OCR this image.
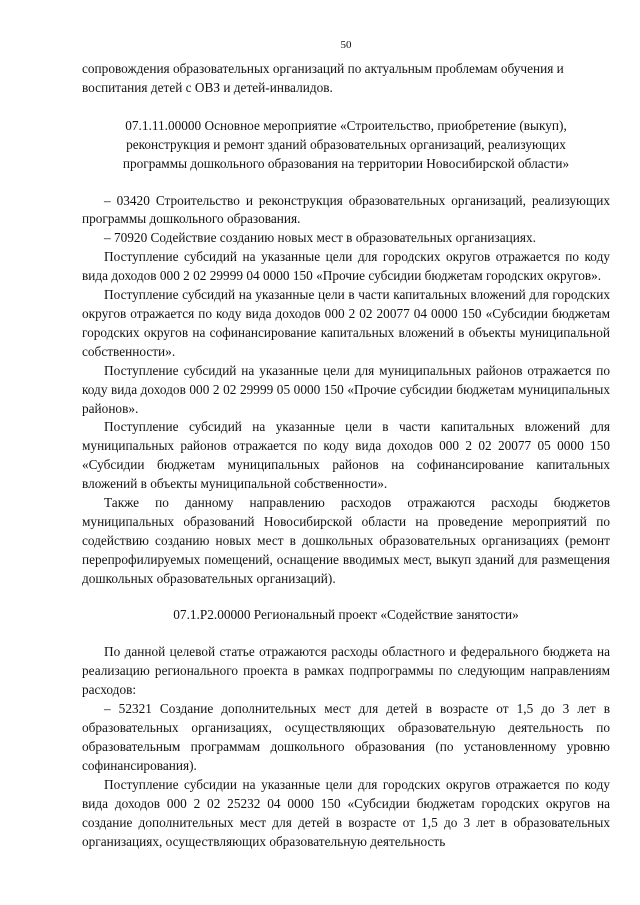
50

сопровождения образовательных организаций по актуальным проблемам обучения и воспитания детей с ОВЗ и детей-инвалидов.

07.1.11.00000 Основное мероприятие «Строительство, приобретение (выкуп), реконструкция и ремонт зданий образовательных организаций, реализующих программы дошкольного образования на территории Новосибирской области»

– 03420 Строительство и реконструкция образовательных организаций, реализующих программы дошкольного образования.

– 70920 Содействие созданию новых мест в образовательных организациях.

Поступление субсидий на указанные цели для городских округов отражается по коду вида доходов 000 2 02 29999 04 0000 150 «Прочие субсидии бюджетам городских округов».

Поступление субсидий на указанные цели в части капитальных вложений для городских округов отражается по коду вида доходов 000 2 02 20077 04 0000 150 «Субсидии бюджетам городских округов на софинансирование капитальных вложений в объекты муниципальной собственности».

Поступление субсидий на указанные цели для муниципальных районов отражается по коду вида доходов 000 2 02 29999 05 0000 150 «Прочие субсидии бюджетам муниципальных районов».

Поступление субсидий на указанные цели в части капитальных вложений для муниципальных районов отражается по коду вида доходов 000 2 02 20077 05 0000 150 «Субсидии бюджетам муниципальных районов на софинансирование капитальных вложений в объекты муниципальной собственности».

Также по данному направлению расходов отражаются расходы бюджетов муниципальных образований Новосибирской области на проведение мероприятий по содействию созданию новых мест в дошкольных образовательных организациях (ремонт перепрофилируемых помещений, оснащение вводимых мест, выкуп зданий для размещения дошкольных образовательных организаций).

07.1.P2.00000 Региональный проект «Содействие занятости»

По данной целевой статье отражаются расходы областного и федерального бюджета на реализацию регионального проекта в рамках подпрограммы по следующим направлениям расходов:

– 52321 Создание дополнительных мест для детей в возрасте от 1,5 до 3 лет в образовательных организациях, осуществляющих образовательную деятельность по образовательным программам дошкольного образования (по установленному уровню софинансирования).

Поступление субсидии на указанные цели для городских округов отражается по коду вида доходов 000 2 02 25232 04 0000 150 «Субсидии бюджетам городских округов на создание дополнительных мест для детей в возрасте от 1,5 до 3 лет в образовательных организациях, осуществляющих образовательную деятельность
